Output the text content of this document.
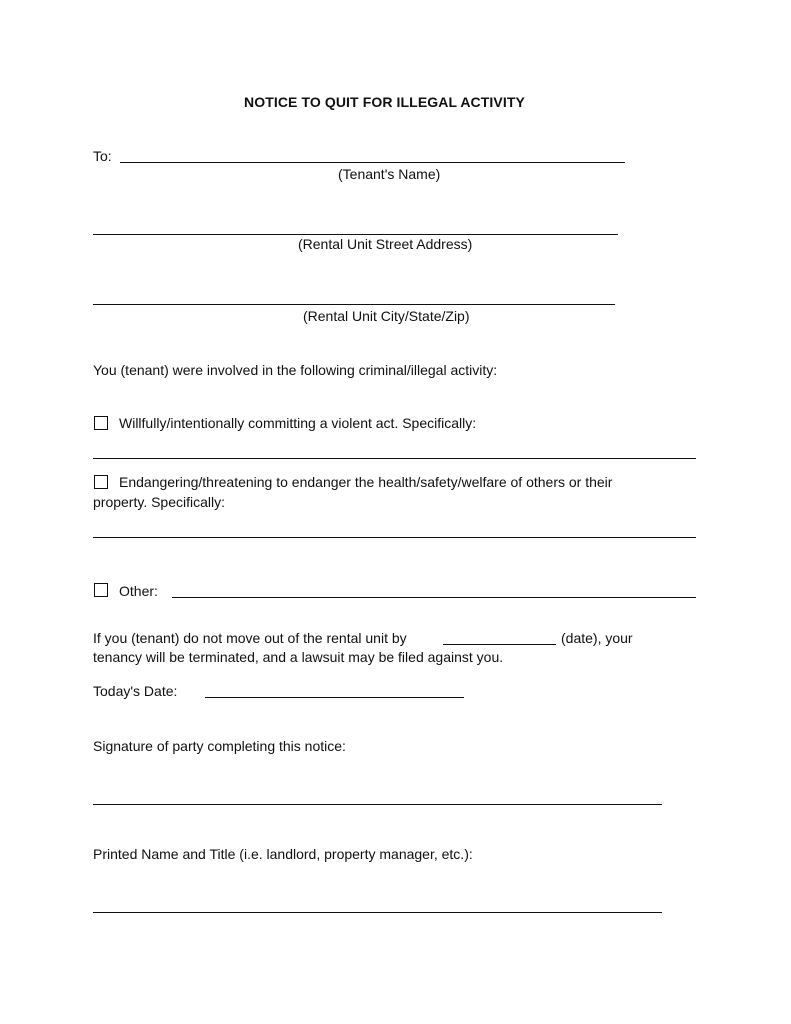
NOTICE TO QUIT FOR ILLEGAL ACTIVITY
To:
(Tenant's Name)
(Rental Unit Street Address)
(Rental Unit City/State/Zip)
You (tenant) were involved in the following criminal/illegal activity:
Willfully/intentionally committing a violent act. Specifically:
Endangering/threatening to endanger the health/safety/welfare of others or their
property. Specifically:
Other:
If you (tenant) do not move out of the rental unit by	(date), your
tenancy will be terminated, and a lawsuit may be filed against you.
Today's Date:
Signature of party completing this notice:
Printed Name and Title (i.e. landlord, property manager, etc.):
